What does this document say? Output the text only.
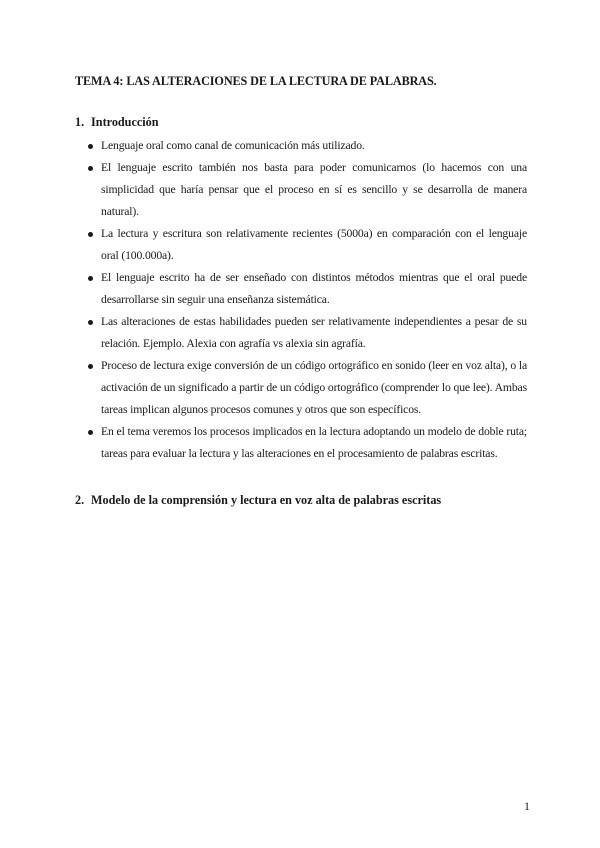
TEMA 4: LAS ALTERACIONES DE LA LECTURA DE PALABRAS.
1. Introducción
Lenguaje oral como canal de comunicación más utilizado.
El lenguaje escrito también nos basta para poder comunicarnos (lo hacemos con una simplicidad que haría pensar que el proceso en sí es sencillo y se desarrolla de manera natural).
La lectura y escritura son relativamente recientes (5000a) en comparación con el lenguaje oral (100.000a).
El lenguaje escrito ha de ser enseñado con distintos métodos mientras que el oral puede desarrollarse sin seguir una enseñanza sistemática.
Las alteraciones de estas habilidades pueden ser relativamente independientes a pesar de su relación. Ejemplo. Alexia con agrafía vs alexia sin agrafía.
Proceso de lectura exige conversión de un código ortográfico en sonido (leer en voz alta), o la activación de un significado a partir de un código ortográfico (comprender lo que lee). Ambas tareas implican algunos procesos comunes y otros que son específicos.
En el tema veremos los procesos implicados en la lectura adoptando un modelo de doble ruta; tareas para evaluar la lectura y las alteraciones en el procesamiento de palabras escritas.
2. Modelo de la comprensión y lectura en voz alta de palabras escritas
1
